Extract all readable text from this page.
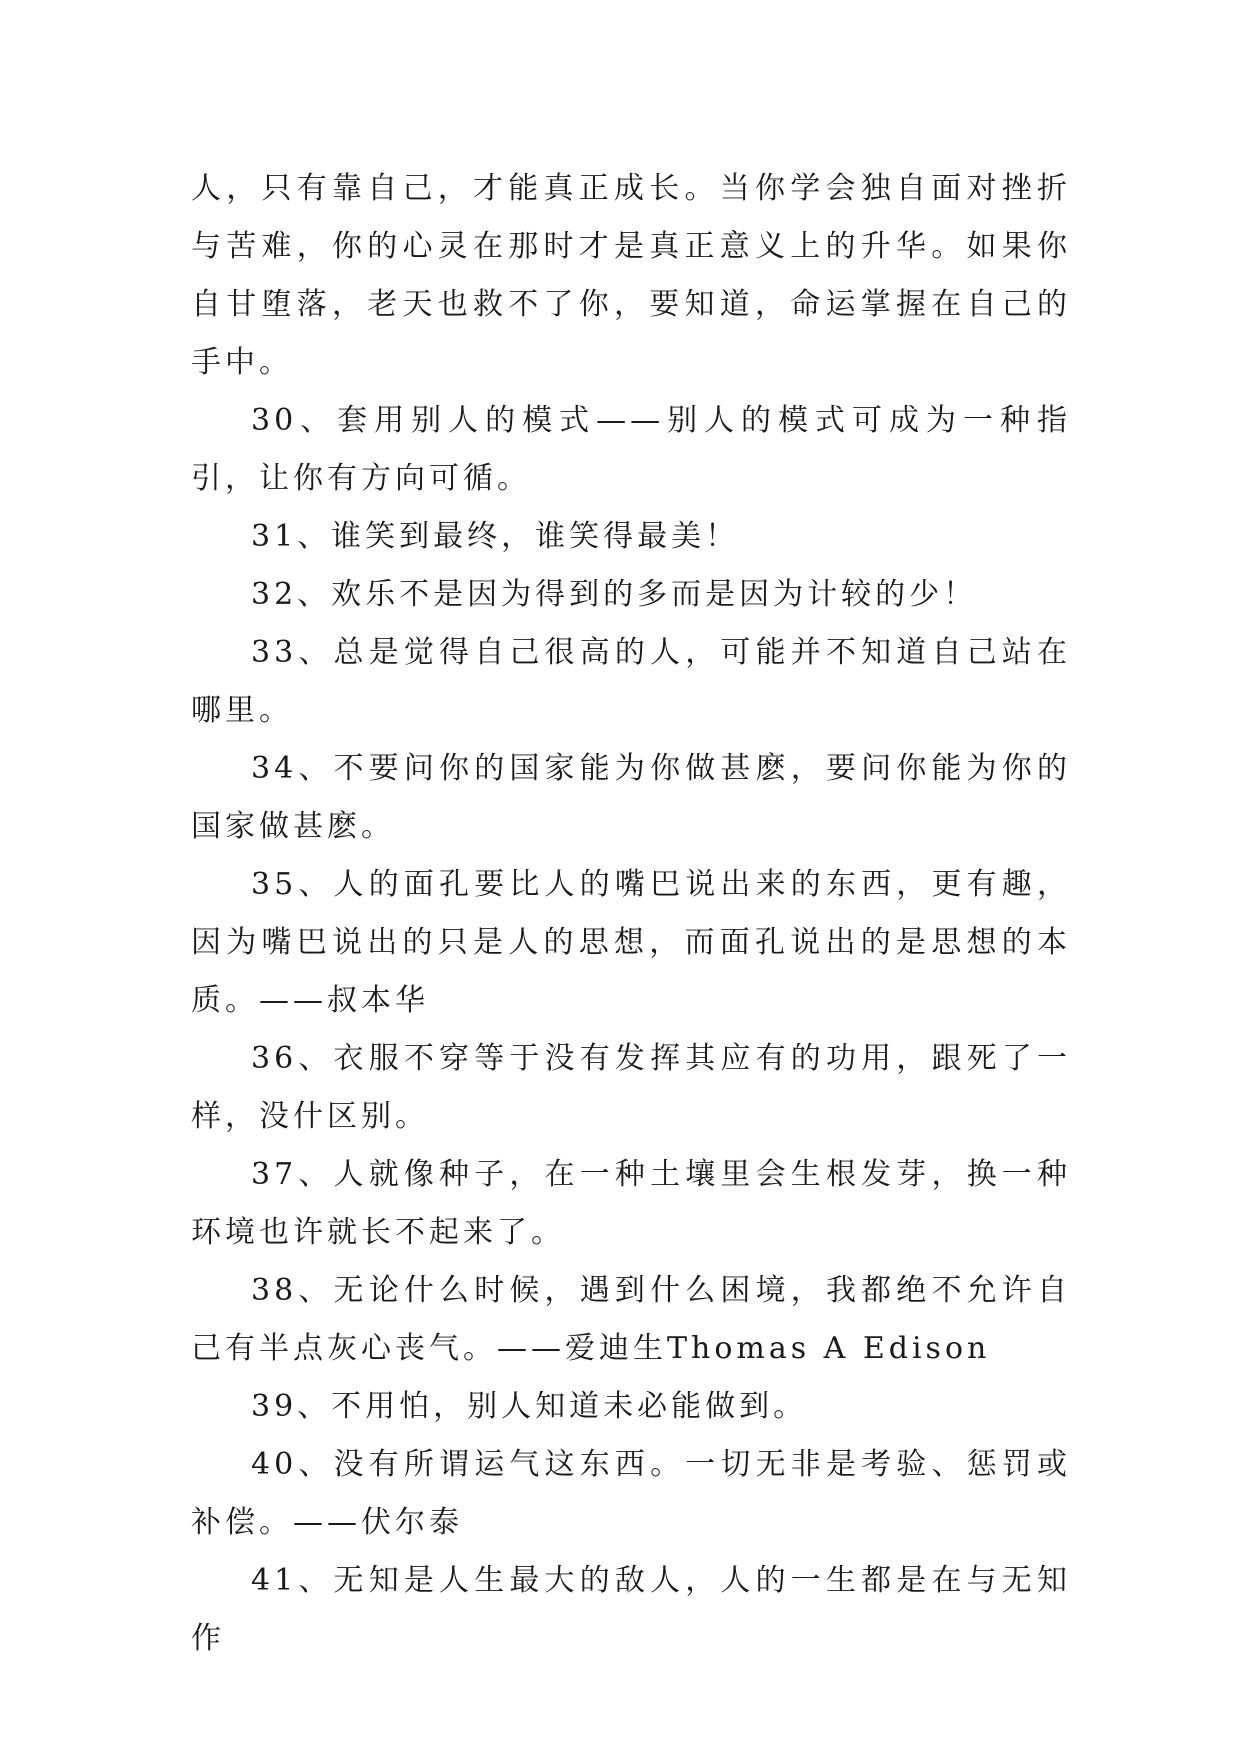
人，只有靠自己，才能真正成长。当你学会独自面对挫折与苦难，你的心灵在那时才是真正意义上的升华。如果你自甘堕落，老天也救不了你，要知道，命运掌握在自己的手中。

30、套用别人的模式——别人的模式可成为一种指引，让你有方向可循。

31、谁笑到最终，谁笑得最美！

32、欢乐不是因为得到的多而是因为计较的少！

33、总是觉得自己很高的人，可能并不知道自己站在哪里。

34、不要问你的国家能为你做甚麽，要问你能为你的国家做甚麽。

35、人的面孔要比人的嘴巴说出来的东西，更有趣，因为嘴巴说出的只是人的思想，而面孔说出的是思想的本质。——叔本华

36、衣服不穿等于没有发挥其应有的功用，跟死了一样，没什区别。

37、人就像种子，在一种土壤里会生根发芽，换一种环境也许就长不起来了。

38、无论什么时候，遇到什么困境，我都绝不允许自己有半点灰心丧气。——爱迪生Thomas A Edison

39、不用怕，别人知道未必能做到。

40、没有所谓运气这东西。一切无非是考验、惩罚或补偿。——伏尔泰

41、无知是人生最大的敌人，人的一生都是在与无知作
